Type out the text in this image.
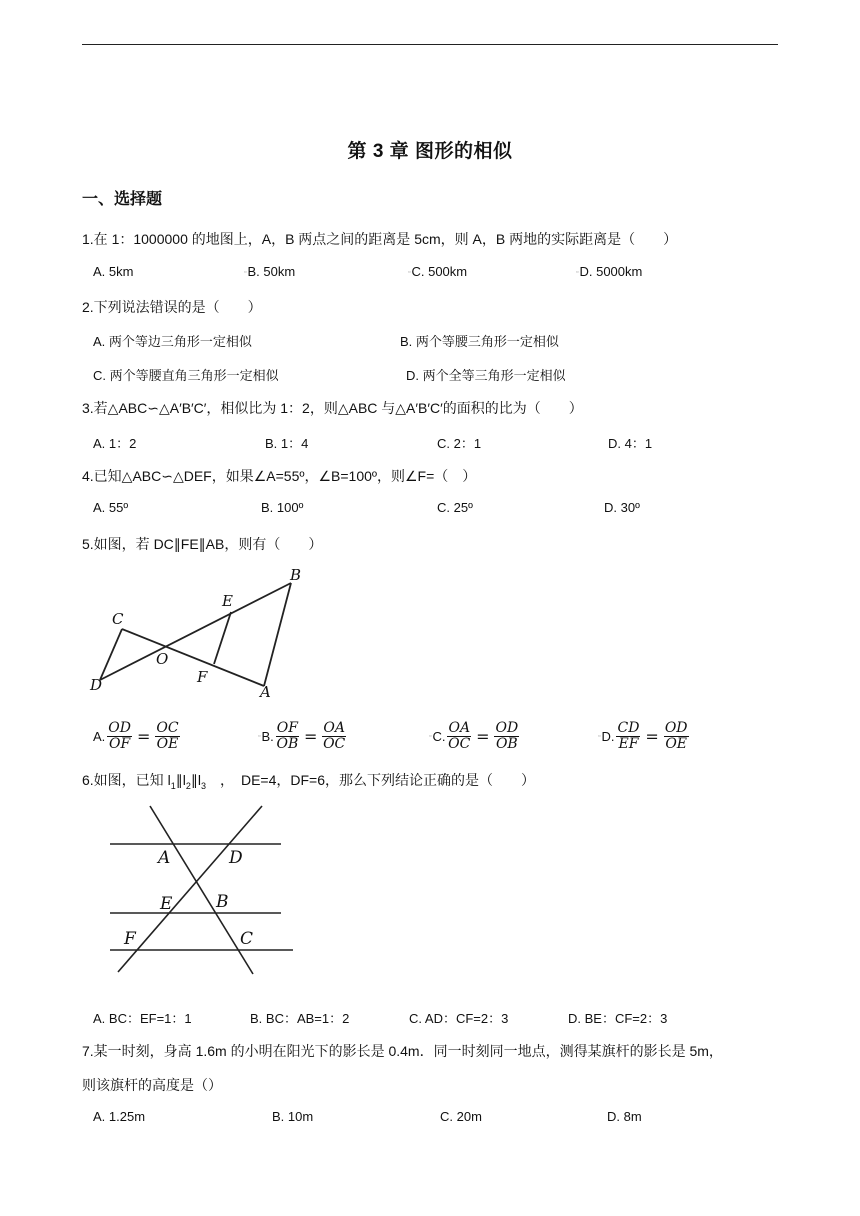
第 3 章 图形的相似
一、选择题
1.在 1：1000000 的地图上，A，B 两点之间的距离是 5cm，则 A，B 两地的实际距离是（　　）
A. 5km	▫B. 50km	▫C. 500km	▫D. 5000km
2.下列说法错误的是（　　）
A. 两个等边三角形一定相似	B. 两个等腰三角形一定相似
C. 两个等腰直角三角形一定相似	D. 两个全等三角形一定相似
3.若△ABC∽△A′B′C′，相似比为 1：2，则△ABC 与△A′B′C′的面积的比为（　　）
A. 1：2	B. 1：4	C. 2：1	D. 4：1
4.已知△ABC∽△DEF，如果∠A=55º，∠B=100º，则∠F=（　）
A. 55º	B. 100º	C. 25º	D. 30º
5.如图，若 DC∥FE∥AB，则有（　　）
B
E
C
O
D	F
A
A. $\frac{OD}{OF} = \frac{OC}{OE}$	▫ B. $\frac{OF}{OB} = \frac{OA}{OC}$	▫ C. $\frac{OA}{OC} = \frac{OD}{OB}$	▫ D. $\frac{CD}{EF} = \frac{OD}{OE}$
6.如图，已知 $l_1\parallel l_2\parallel l_3$　，　DE=4，DF=6，那么下列结论正确的是（　　）
A	D
E	B
F	C
A. BC：EF=1：1	B. BC：AB=1：2	C. AD：CF=2：3	D. BE：CF=2：3
7.某一时刻，身高 1.6m 的小明在阳光下的影长是 0.4m．同一时刻同一地点，测得某旗杆的影长是 5m，
则该旗杆的高度是（）
A. 1.25m	B. 10m	C. 20m	D. 8m
